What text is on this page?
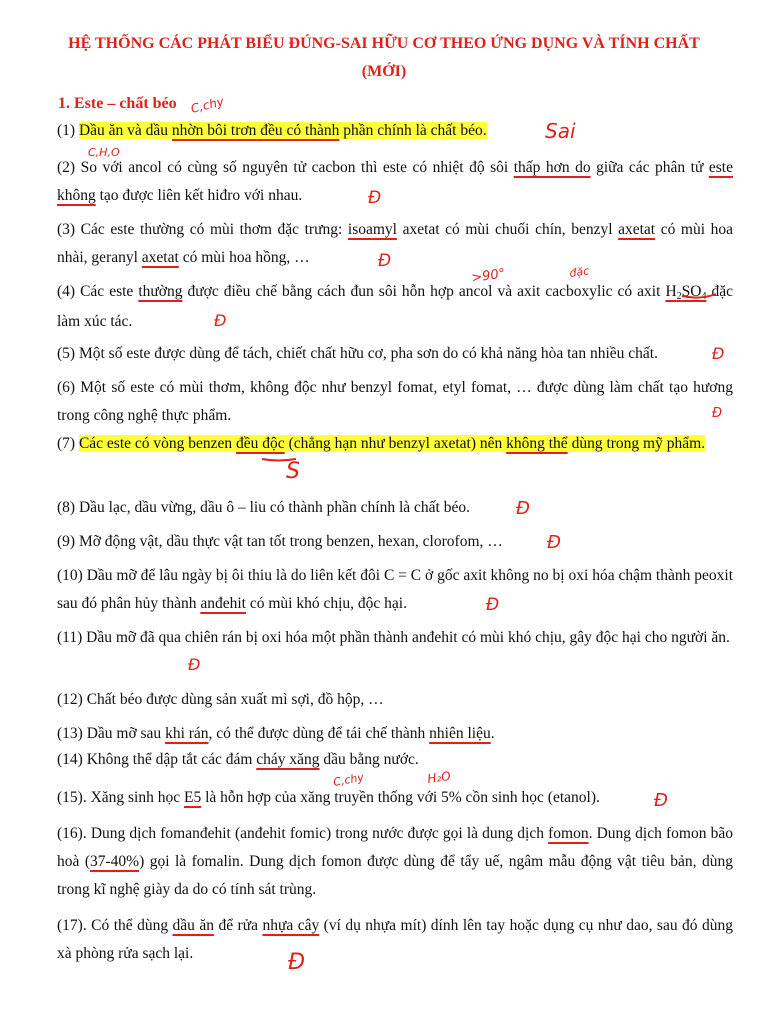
HỆ THỐNG CÁC PHÁT BIỂU ĐÚNG-SAI HỮU CƠ THEO ỨNG DỤNG VÀ TÍNH CHẤT
(MỚI)
1. Este – chất béo
(1) Dầu ăn và dầu nhờn bôi trơn đều có thành phần chính là chất béo.
(2) So với ancol có cùng số nguyên tử cacbon thì este có nhiệt độ sôi thấp hơn do giữa các phân tử este không tạo được liên kết hiđro với nhau.
(3) Các este thường có mùi thơm đặc trưng: isoamyl axetat có mùi chuối chín, benzyl axetat có mùi hoa nhài, geranyl axetat có mùi hoa hồng, …
(4) Các este thường được điều chế bằng cách đun sôi hỗn hợp ancol và axit cacboxylic có axit H2SO4 đặc làm xúc tác.
(5) Một số este được dùng để tách, chiết chất hữu cơ, pha sơn do có khả năng hòa tan nhiều chất.
(6) Một số este có mùi thơm, không độc như benzyl fomat, etyl fomat, … được dùng làm chất tạo hương trong công nghệ thực phẩm.
(7) Các este có vòng benzen đều độc (chẳng hạn như benzyl axetat) nên không thể dùng trong mỹ phẩm.
(8) Dầu lạc, dầu vừng, dầu ô – liu có thành phần chính là chất béo.
(9) Mỡ động vật, dầu thực vật tan tốt trong benzen, hexan, clorofom, …
(10) Dầu mỡ để lâu ngày bị ôi thiu là do liên kết đôi C = C ở gốc axit không no bị oxi hóa chậm thành peoxit sau đó phân hủy thành anđehit có mùi khó chịu, độc hại.
(11) Dầu mỡ đã qua chiên rán bị oxi hóa một phần thành anđehit có mùi khó chịu, gây độc hại cho người ăn.
(12) Chất béo được dùng sản xuất mì sợi, đồ hộp, …
(13) Dầu mỡ sau khi rán, có thể được dùng để tái chế thành nhiên liệu.
(14) Không thể dập tắt các đám cháy xăng dầu bằng nước.
(15). Xăng sinh học E5 là hỗn hợp của xăng truyền thống với 5% cồn sinh học (etanol).
(16). Dung dịch fomanđehit (anđehit fomic) trong nước được gọi là dung dịch fomon. Dung dịch fomon bão hoà (37-40%) gọi là fomalin. Dung dịch fomon được dùng để tẩy uế, ngâm mẫu động vật tiêu bản, dùng trong kĩ nghệ giày da do có tính sát trùng.
(17). Có thể dùng dầu ăn để rửa nhựa cây (ví dụ nhựa mít) dính lên tay hoặc dụng cụ như dao, sau đó dùng xà phòng rửa sạch lại.
C,chy
C,H,O
Sai
Đ
Đ
>90°	đặc
Đ
Đ
Đ
S
Đ
Đ
Đ
Đ
C,chy	H₂O
Đ
Đ
